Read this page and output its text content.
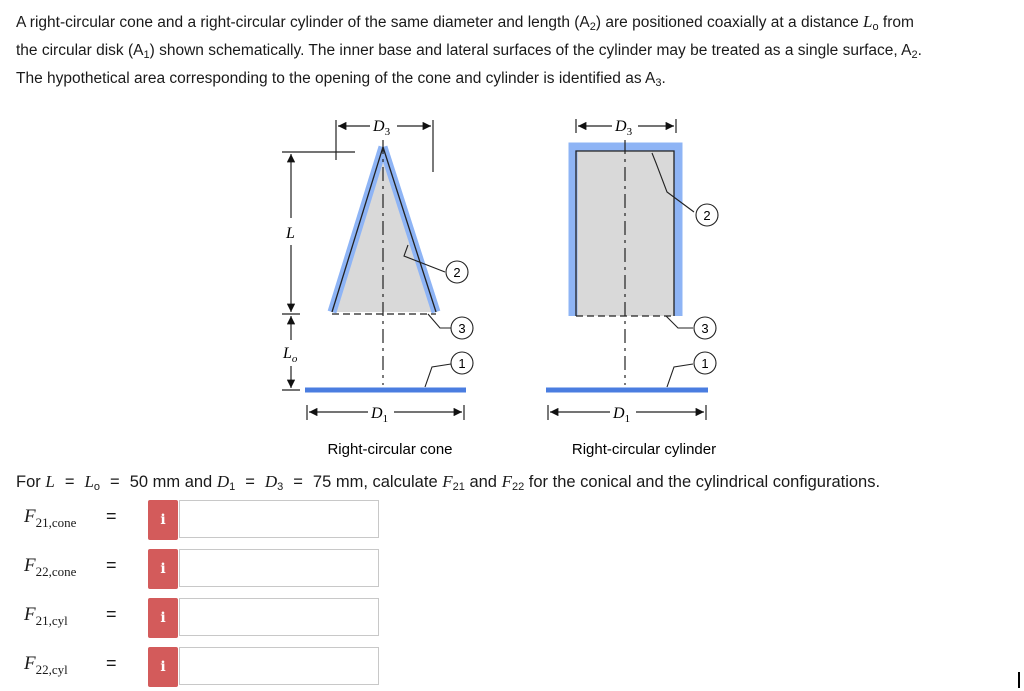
A right-circular cone and a right-circular cylinder of the same diameter and length $(A_2)$ are positioned coaxially at a distance $L_o$ from
the circular disk $(A_1)$ shown schematically. The inner base and lateral surfaces of the cylinder may be treated as a single surface, $A_2$.
The hypothetical area corresponding to the opening of the cone and cylinder is identified as $A_3$.
$D_3$
L
$L_o$
$D_1$
2
3
1
Right-circular cone
$D_3$
$D_1$
2
3
1
Right-circular cylinder
For $L = L_o = 50$ mm and $D_1 = D_3 = 75$ mm, calculate $F_{21}$ and $F_{22}$ for the conical and the cylindrical configurations.
$F_{21,cone}$ =	i
$F_{22,cone}$ =	i
$F_{21,cyl}$ =	i
$F_{22,cyl}$ =	i
